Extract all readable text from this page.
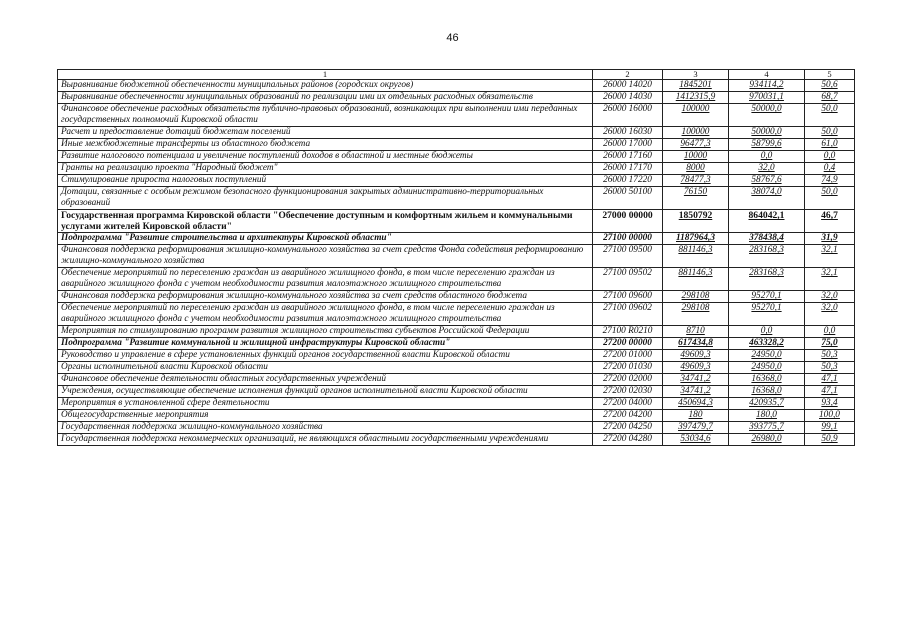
46
1	2	3	4	5
Выравнивание бюджетной обеспеченности муниципальных районов (городских округов)	26000 14020	1845201	934114,2	50,6
Выравнивание обеспеченности муниципальных образований по реализации ими их отдельных расходных обязательств	26000 14030	1412315,9	970031,1	68,7
Финансовое обеспечение расходных обязательств публично-правовых образований, возникающих при выполнении ими переданных государственных полномочий Кировской области	26000 16000	100000	50000,0	50,0
Расчет и предоставление дотаций бюджетам поселений	26000 16030	100000	50000,0	50,0
Иные межбюджетные трансферты из областного бюджета	26000 17000	96477,3	58799,6	61,0
Развитие налогового потенциала и увеличение поступлений доходов в областной и местные бюджеты	26000 17160	10000	0,0	0,0
Гранты на реализацию проекта "Народный бюджет"	26000 17170	8000	32,0	0,4
Стимулирование прироста налоговых поступлений	26000 17220	78477,3	58767,6	74,9
Дотации, связанные с особым режимом безопасного функционирования закрытых административно-территориальных образований	26000 50100	76150	38074,0	50,0
Государственная программа Кировской области "Обеспечение доступным и комфортным жильем и коммунальными услугами жителей Кировской области"	27000 00000	1850792	864042,1	46,7
Подпрограмма "Развитие строительства и архитектуры Кировской области"	27100 00000	1187964,3	378438,4	31,9
Финансовая поддержка реформирования жилищно-коммунального хозяйства за счет средств Фонда содействия реформированию жилищно-коммунального хозяйства	27100 09500	881146,3	283168,3	32,1
Обеспечение мероприятий по переселению граждан из аварийного жилищного фонда, в том числе переселению граждан из аварийного жилищного фонда с учетом необходимости развития малоэтажного жилищного строительства	27100 09502	881146,3	283168,3	32,1
Финансовая поддержка реформирования жилищно-коммунального хозяйства за счет средств областного бюджета	27100 09600	298108	95270,1	32,0
Обеспечение мероприятий по переселению граждан из аварийного жилищного фонда, в том числе переселению граждан из аварийного жилищного фонда с учетом необходимости развития малоэтажного жилищного строительства	27100 09602	298108	95270,1	32,0
Мероприятия по стимулированию программ развития жилищного строительства субъектов Российской Федерации	27100 R0210	8710	0,0	0,0
Подпрограмма "Развитие коммунальной и жилищной инфраструктуры Кировской области"	27200 00000	617434,8	463328,2	75,0
Руководство и управление в сфере установленных функций органов государственной власти Кировской области	27200 01000	49609,3	24950,0	50,3
Органы исполнительной власти Кировской области	27200 01030	49609,3	24950,0	50,3
Финансовое обеспечение деятельности областных государственных учреждений	27200 02000	34741,2	16368,0	47,1
Учреждения, осуществляющие обеспечение исполнения функций органов исполнительной власти Кировской области	27200 02030	34741,2	16368,0	47,1
Мероприятия в установленной сфере деятельности	27200 04000	450694,3	420935,7	93,4
Общегосударственные мероприятия	27200 04200	180	180,0	100,0
Государственная поддержка жилищно-коммунального хозяйства	27200 04250	397479,7	393775,7	99,1
Государственная поддержка некоммерческих организаций, не являющихся областными государственными учреждениями	27200 04280	53034,6	26980,0	50,9
